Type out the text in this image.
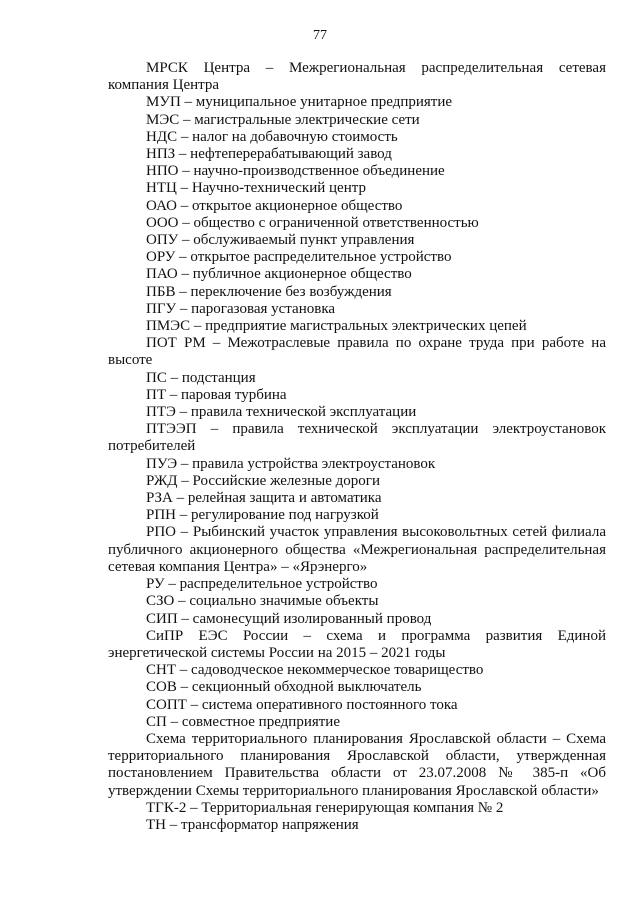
77

МРСК Центра – Межрегиональная распределительная сетевая компания Центра

МУП – муниципальное унитарное предприятие

МЭС – магистральные электрические сети

НДС – налог на добавочную стоимость

НПЗ – нефтеперерабатывающий завод

НПО – научно-производственное объединение

НТЦ – Научно-технический центр

ОАО – открытое акционерное общество

ООО – общество с ограниченной ответственностью

ОПУ – обслуживаемый пункт управления

ОРУ – открытое распределительное устройство

ПАО – публичное акционерное общество

ПБВ – переключение без возбуждения

ПГУ – парогазовая установка

ПМЭС – предприятие магистральных электрических цепей

ПОТ РМ – Межотраслевые правила по охране труда при работе на высоте

ПС – подстанция

ПТ – паровая турбина

ПТЭ – правила технической эксплуатации

ПТЭЭП – правила технической эксплуатации электроустановок потребителей

ПУЭ – правила устройства электроустановок

РЖД – Российские железные дороги

РЗА – релейная защита и автоматика

РПН – регулирование под нагрузкой

РПО – Рыбинский участок управления высоковольтных сетей филиала публичного акционерного общества «Межрегиональная распределительная сетевая компания Центра» – «Ярэнерго»

РУ – распределительное устройство

СЗО – социально значимые объекты

СИП – самонесущий изолированный провод

СиПР ЕЭС России – схема и программа развития Единой энергетической системы России на 2015 – 2021 годы

СНТ – садоводческое некоммерческое товарищество

СОВ – секционный обходной выключатель

СОПТ – система оперативного постоянного тока

СП – совместное предприятие

Схема территориального планирования Ярославской области – Схема территориального планирования Ярославской области, утвержденная постановлением Правительства области от 23.07.2008 № 385-п «Об утверждении Схемы территориального планирования Ярославской области»

ТГК-2 – Территориальная генерирующая компания № 2

ТН – трансформатор напряжения
